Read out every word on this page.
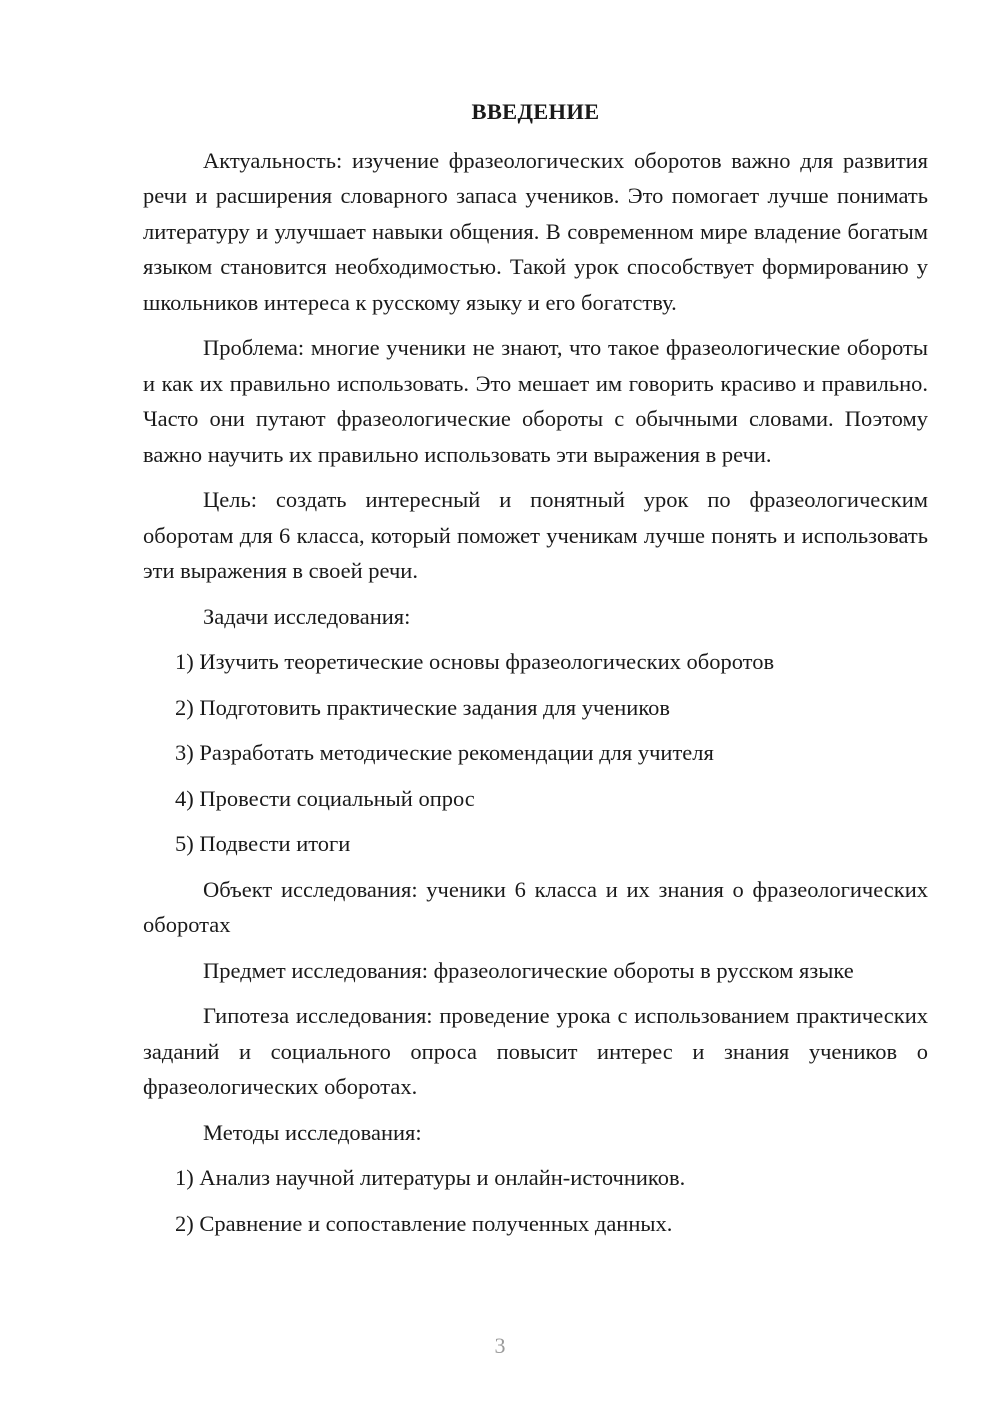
ВВЕДЕНИЕ

Актуальность: изучение фразеологических оборотов важно для развития речи и расширения словарного запаса учеников. Это помогает лучше понимать литературу и улучшает навыки общения. В современном мире владение богатым языком становится необходимостью. Такой урок способствует формированию у школьников интереса к русскому языку и его богатству.

Проблема: многие ученики не знают, что такое фразеологические обороты и как их правильно использовать. Это мешает им говорить красиво и правильно. Часто они путают фразеологические обороты с обычными словами. Поэтому важно научить их правильно использовать эти выражения в речи.

Цель: создать интересный и понятный урок по фразеологическим оборотам для 6 класса, который поможет ученикам лучше понять и использовать эти выражения в своей речи.

Задачи исследования:

1) Изучить теоретические основы фразеологических оборотов

2) Подготовить практические задания для учеников

3) Разработать методические рекомендации для учителя

4) Провести социальный опрос

5) Подвести итоги

Объект исследования: ученики 6 класса и их знания о фразеологических оборотах

Предмет исследования: фразеологические обороты в русском языке

Гипотеза исследования: проведение урока с использованием практических заданий и социального опроса повысит интерес и знания учеников о фразеологических оборотах.

Методы исследования:

1) Анализ научной литературы и онлайн-источников.

2) Сравнение и сопоставление полученных данных.

3
